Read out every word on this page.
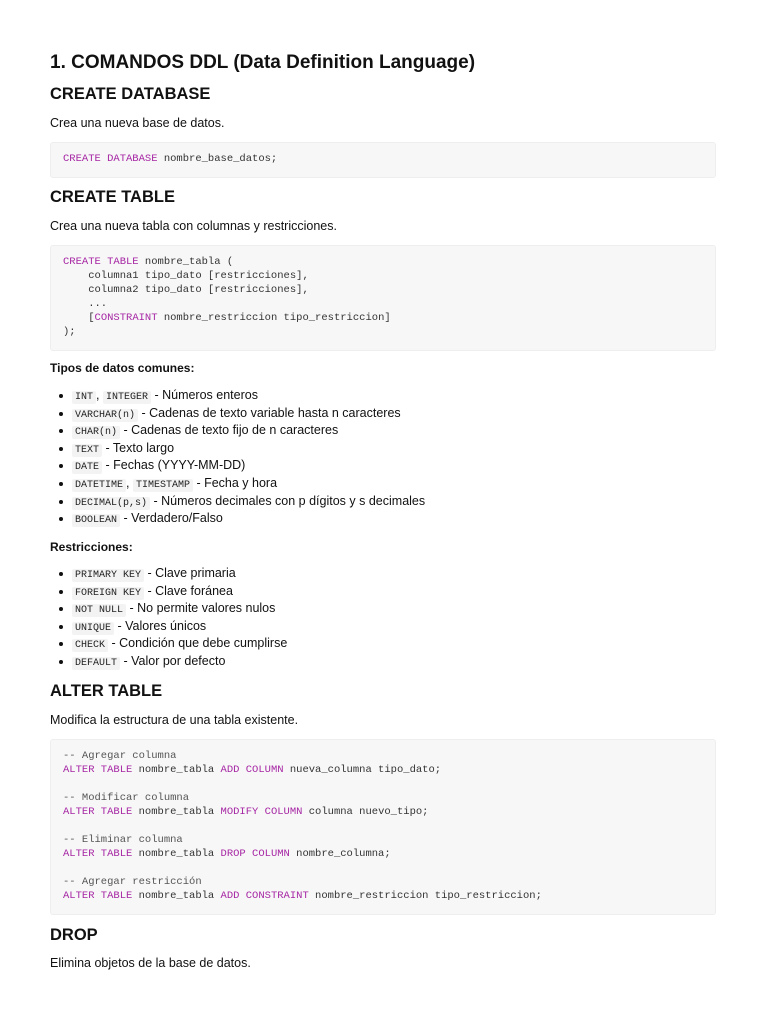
1. COMANDOS DDL (Data Definition Language)
CREATE DATABASE

Crea una nueva base de datos.

CREATE DATABASE nombre_base_datos;
CREATE TABLE

Crea una nueva tabla con columnas y restricciones.

CREATE TABLE nombre_tabla (
columna1 tipo_dato [restricciones],
columna2 tipo_dato [restricciones],
...
[CONSTRAINT nombre_restriccion tipo_restriccion]
);

Tipos de datos comunes:

INT , INTEGER - Números enteros
VARCHAR(n) - Cadenas de texto variable hasta n caracteres
CHAR(n) - Cadenas de texto fijo de n caracteres
TEXT - Texto largo
DATE - Fechas (YYYY-MM-DD)
DATETIME , TIMESTAMP - Fecha y hora
DECIMAL(p,s) - Números decimales con p dígitos y s decimales
BOOLEAN - Verdadero/Falso

Restricciones:

PRIMARY KEY - Clave primaria
FOREIGN KEY - Clave foránea
NOT NULL - No permite valores nulos
UNIQUE - Valores únicos
CHECK - Condición que debe cumplirse
DEFAULT - Valor por defecto
ALTER TABLE

Modifica la estructura de una tabla existente.

-- Agregar columna
ALTER TABLE nombre_tabla ADD COLUMN nueva_columna tipo_dato;

-- Modificar columna
ALTER TABLE nombre_tabla MODIFY COLUMN columna nuevo_tipo;

-- Eliminar columna
ALTER TABLE nombre_tabla DROP COLUMN nombre_columna;

-- Agregar restricción
ALTER TABLE nombre_tabla ADD CONSTRAINT nombre_restriccion tipo_restriccion;
DROP

Elimina objetos de la base de datos.
